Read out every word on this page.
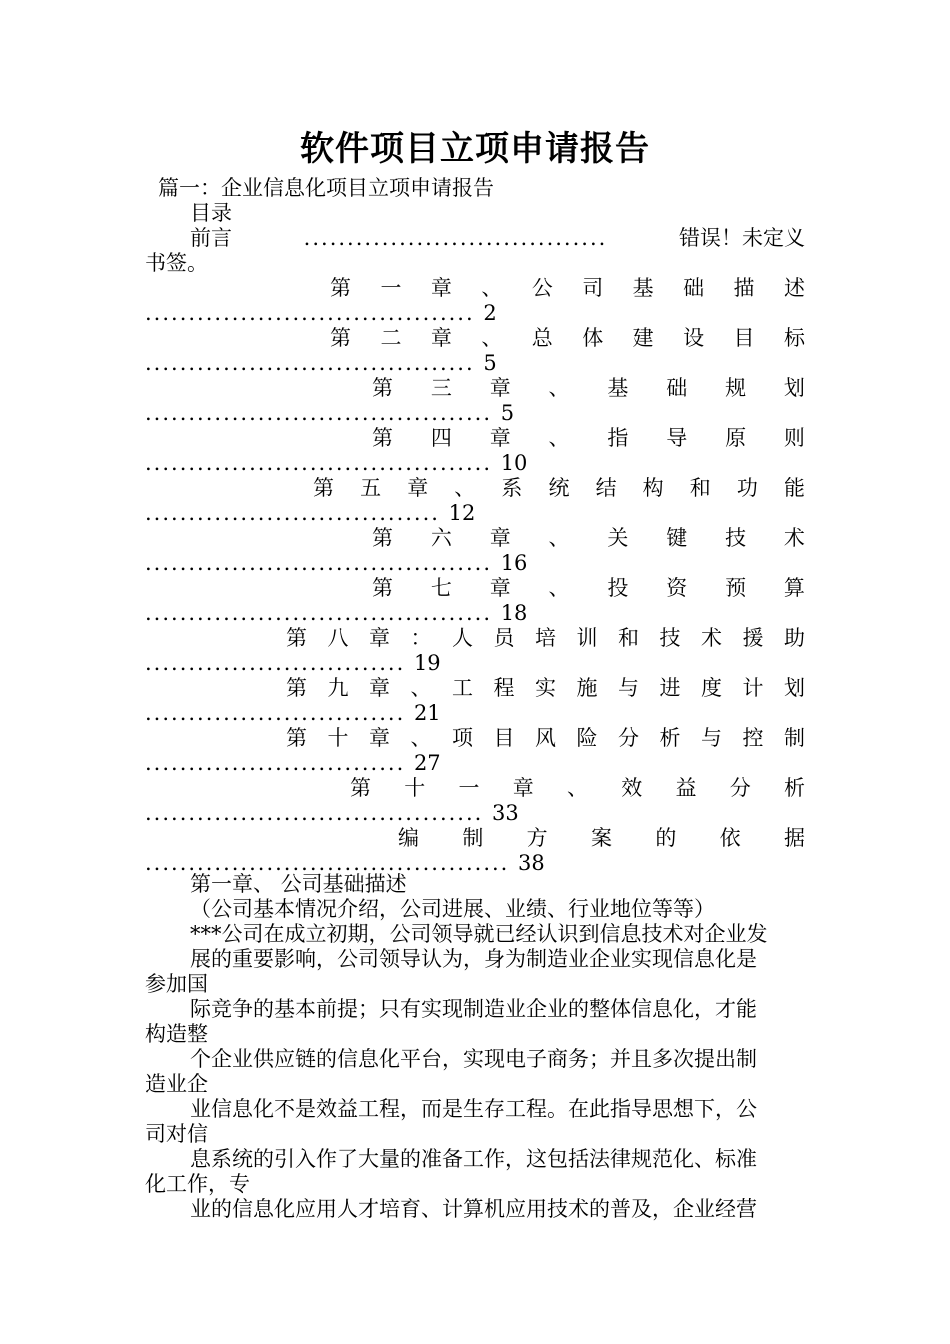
软件项目立项申请报告
篇一：企业信息化项目立项申请报告
目录
前言	...................................	错误！未定义
书签。
第 一 章 、 公 司 基 础 描 述
...................................... 2
第 二 章 、 总 体 建 设 目 标
...................................... 5
第 三 章 、 基 础 规 划
........................................ 5
第 四 章 、 指 导 原 则
........................................ 10
第 五 章 、 系 统 结 构 和 功 能
.................................. 12
第 六 章 、 关 键 技 术
........................................ 16
第 七 章 、 投 资 预 算
........................................ 18
第 八 章 ： 人 员 培 训 和 技 术 援 助
.............................. 19
第 九 章 、 工 程 实 施 与 进 度 计 划
.............................. 21
第 十 章 、 项 目 风 险 分 析 与 控 制
.............................. 27
第 十 一 章 、 效 益 分 析
....................................... 33
编 制 方 案 的 依 据
.......................................... 38
第一章、 公司基础描述
（公司基本情况介绍，公司进展、业绩、行业地位等等）
***公司在成立初期，公司领导就已经认识到信息技术对企业发
展的重要影响，公司领导认为，身为制造业企业实现信息化是
参加国
际竞争的基本前提；只有实现制造业企业的整体信息化，才能
构造整
个企业供应链的信息化平台，实现电子商务；并且多次提出制
造业企
业信息化不是效益工程，而是生存工程。在此指导思想下，公
司对信
息系统的引入作了大量的准备工作，这包括法律规范化、标准
化工作，专
业的信息化应用人才培育、计算机应用技术的普及，企业经营
